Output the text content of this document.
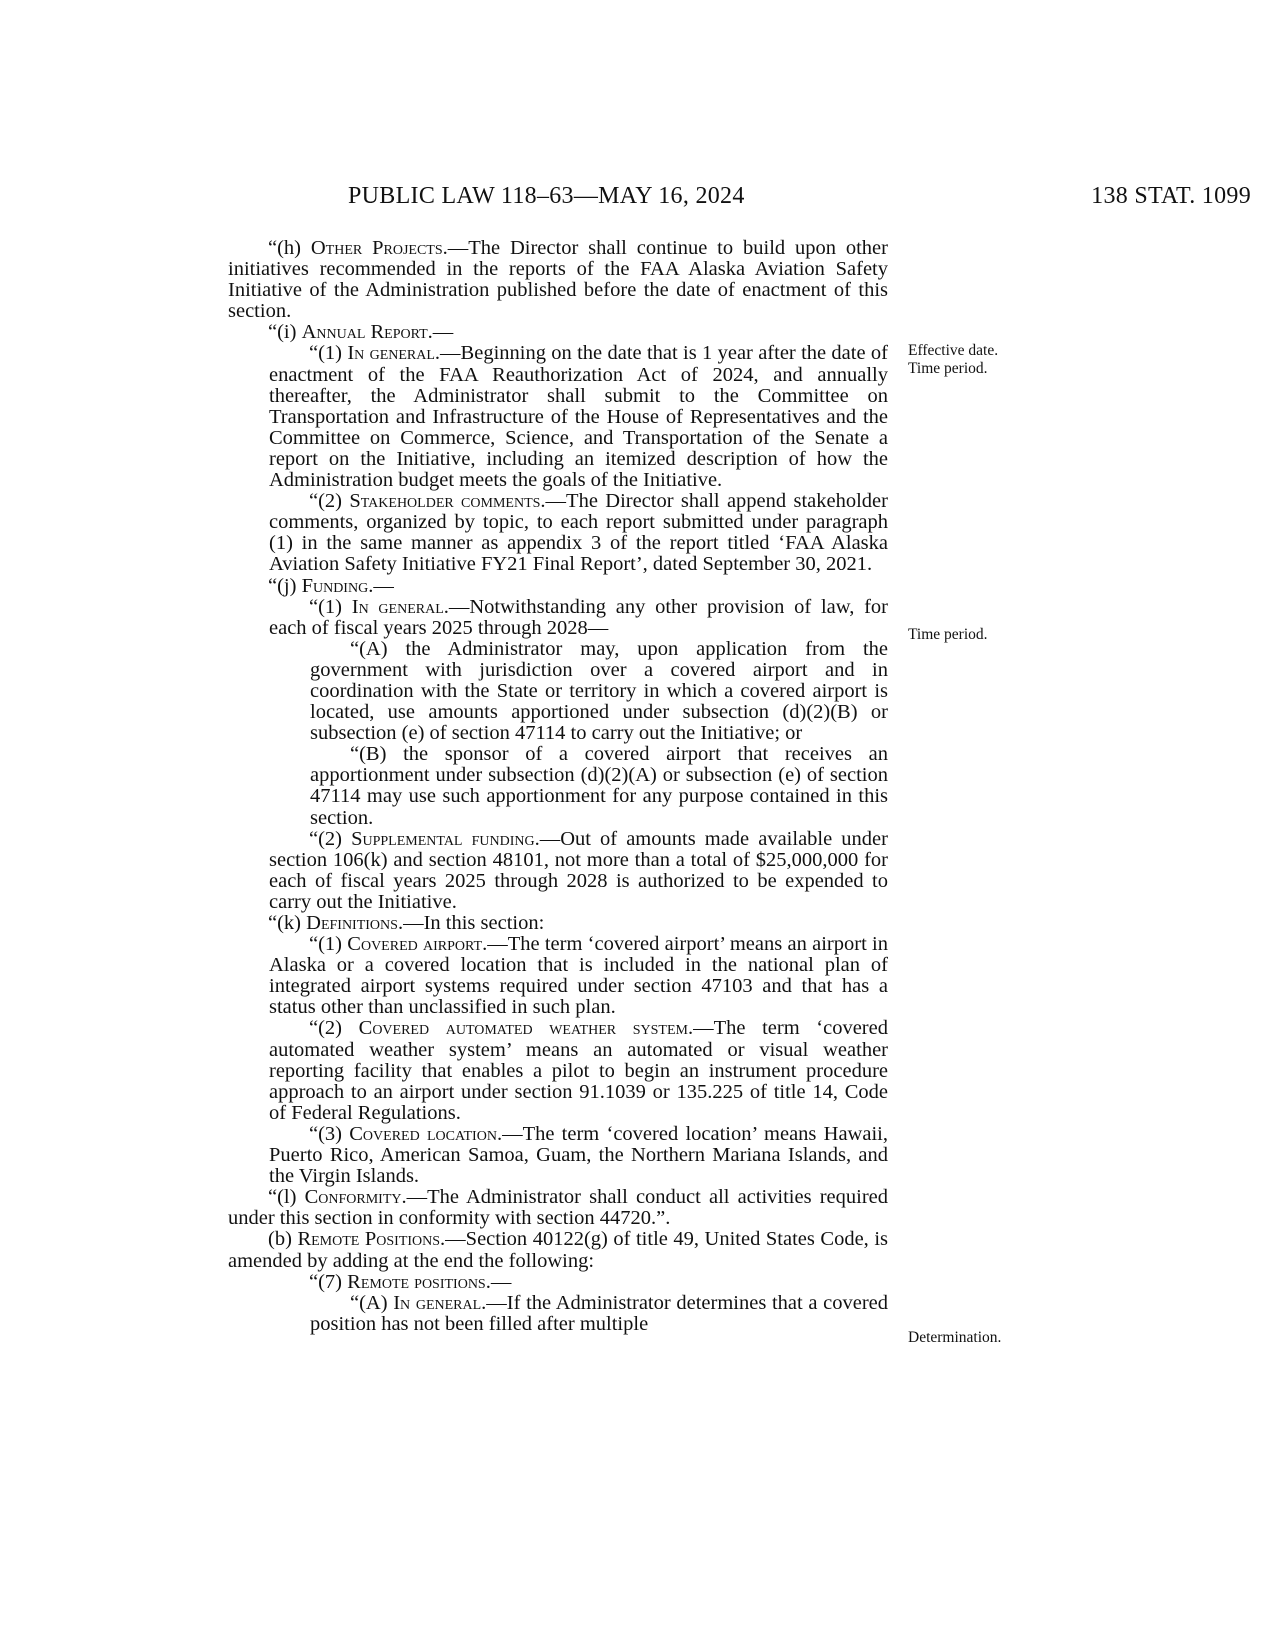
PUBLIC LAW 118–63—MAY 16, 2024	138 STAT. 1099

“(h) Other Projects.—The Director shall continue to build upon other initiatives recommended in the reports of the FAA Alaska Aviation Safety Initiative of the Administration published before the date of enactment of this section.

“(i) Annual Report.—

“(1) In general.—Beginning on the date that is 1 year after the date of enactment of the FAA Reauthorization Act of 2024, and annually thereafter, the Administrator shall submit to the Committee on Transportation and Infrastructure of the House of Representatives and the Committee on Commerce, Science, and Transportation of the Senate a report on the Initiative, including an itemized description of how the Administration budget meets the goals of the Initiative.

“(2) Stakeholder comments.—The Director shall append stakeholder comments, organized by topic, to each report submitted under paragraph (1) in the same manner as appendix 3 of the report titled ‘FAA Alaska Aviation Safety Initiative FY21 Final Report’, dated September 30, 2021.

“(j) Funding.—

“(1) In general.—Notwithstanding any other provision of law, for each of fiscal years 2025 through 2028—

“(A) the Administrator may, upon application from the government with jurisdiction over a covered airport and in coordination with the State or territory in which a covered airport is located, use amounts apportioned under subsection (d)(2)(B) or subsection (e) of section 47114 to carry out the Initiative; or

“(B) the sponsor of a covered airport that receives an apportionment under subsection (d)(2)(A) or subsection (e) of section 47114 may use such apportionment for any purpose contained in this section.

“(2) Supplemental funding.—Out of amounts made available under section 106(k) and section 48101, not more than a total of $25,000,000 for each of fiscal years 2025 through 2028 is authorized to be expended to carry out the Initiative.

“(k) Definitions.—In this section:

“(1) Covered airport.—The term ‘covered airport’ means an airport in Alaska or a covered location that is included in the national plan of integrated airport systems required under section 47103 and that has a status other than unclassified in such plan.

“(2) Covered automated weather system.—The term ‘covered automated weather system’ means an automated or visual weather reporting facility that enables a pilot to begin an instrument procedure approach to an airport under section 91.1039 or 135.225 of title 14, Code of Federal Regulations.

“(3) Covered location.—The term ‘covered location’ means Hawaii, Puerto Rico, American Samoa, Guam, the Northern Mariana Islands, and the Virgin Islands.

“(l) Conformity.—The Administrator shall conduct all activities required under this section in conformity with section 44720.”.

(b) Remote Positions.—Section 40122(g) of title 49, United States Code, is amended by adding at the end the following:

“(7) Remote positions.—

“(A) In general.—If the Administrator determines that a covered position has not been filled after multiple

Effective date.
Time period.
Time period.
Determination.
